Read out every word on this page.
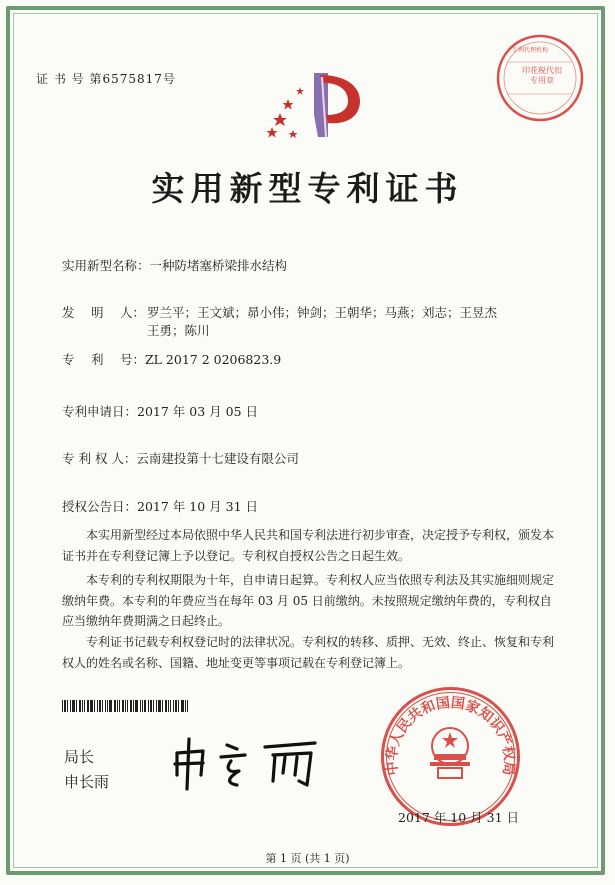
证 书 号 第6575817号
印花税代扣专用章
专利代理机构
实用新型专利证书
实用新型名称：一种防堵塞桥梁排水结构
发　 明　 人： 罗兰平；王文斌；昴小伟；钟剑；王朝华；马燕；刘志；王昱杰
王勇；陈川
专　 利　 号：ZL 2017 2 0206823.9
专利申请日：2017 年 03 月 05 日
专 利 权 人：云南建投第十七建设有限公司
授权公告日：2017 年 10 月 31 日
　　本实用新型经过本局依照中华人民共和国专利法进行初步审查，决定授予专利权，颁发本证书并在专利登记簿上予以登记。专利权自授权公告之日起生效。
　　本专利的专利权期限为十年，自申请日起算。专利权人应当依照专利法及其实施细则规定缴纳年费。本专利的年费应当在每年 03 月 05 日前缴纳。未按照规定缴纳年费的，专利权自应当缴纳年费期满之日起终止。
　　专利证书记载专利权登记时的法律状况。专利权的转移、质押、无效、终止、恢复和专利权人的姓名或名称、国籍、地址变更等事项记载在专利登记簿上。
局长
申长雨
中华人民共和国国家知识产权局
2017 年 10 月 31 日
第 1 页 (共 1 页)
